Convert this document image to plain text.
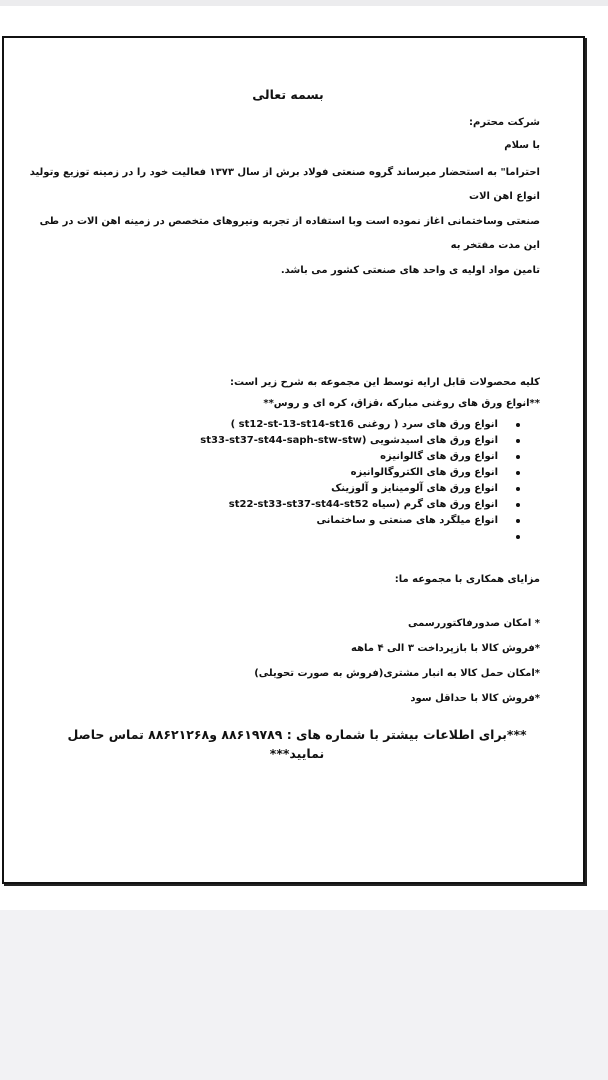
بسمه تعالی
شرکت محترم:
با سلام
احتراما" به استحضار میرساند گروه صنعتی فولاد برش از سال ۱۳۷۳ فعالیت خود را در زمینه توزیع وتولید انواع اهن الات
صنعتی وساختمانی اغاز نموده است وبا استفاده از تجربه ونیروهای متخصص در زمینه اهن الات در طی این مدت مفتخر به
تامین مواد اولیه ی واحد های صنعتی کشور می باشد.
کلیه محصولات قابل ارایه توسط این مجموعه به شرح زیر است:
**انواع ورق های روغنی مبارکه ،قزاق، کره ای و روس**
انواع ورق های سرد ( روغنی st12-st-13-st14-st16 )
انواع ورق های اسیدشویی (st33-st37-st44-saph-stw-stw
انواع ورق های گالوانیزه
انواع ورق های الکتروگالوانیزه
انواع ورق های آلومینایز و آلوزینک
انواع ورق های گرم (سیاه st22-st33-st37-st44-st52
انواع میلگرد های صنعتی و ساختمانی
مزایای همکاری با مجموعه ما:

* امکان صدورفاکتوررسمی

*فروش کالا با بازپرداخت ۳ الی ۴ ماهه

*امکان حمل کالا به انبار مشتری(فروش به صورت تحویلی)

*فروش کالا با حداقل سود

***برای اطلاعات بیشتر با شماره های : ۸۸۶۱۹۷۸۹ و۸۸۶۲۱۲۶۸ تماس حاصل نمایید***
